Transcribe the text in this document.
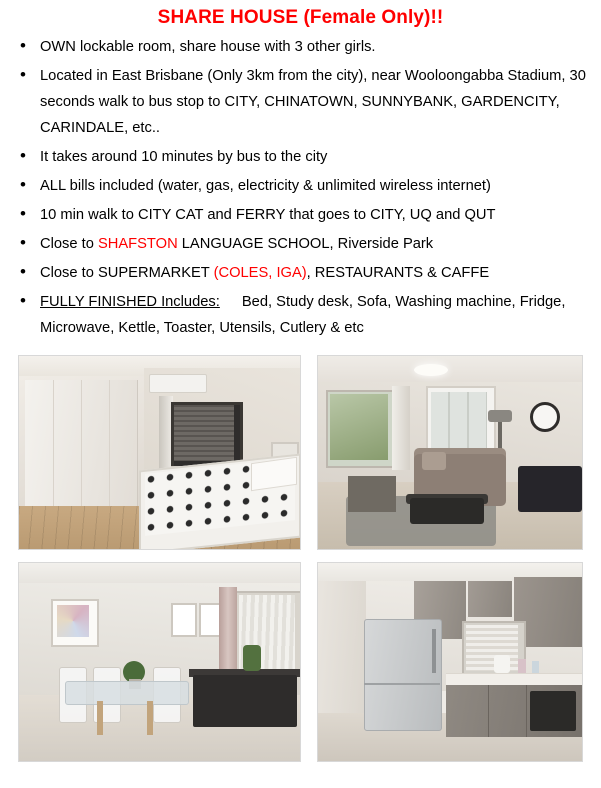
SHARE HOUSE (Female Only)!!
• OWN lockable room, share house with 3 other girls.
• Located in East Brisbane (Only 3km from the city), near Wooloongabba Stadium, 30 seconds walk to bus stop to CITY, CHINATOWN, SUNNYBANK, GARDENCITY, CARINDALE, etc..
• It takes around 10 minutes by bus to the city
• ALL bills included (water, gas, electricity & unlimited wireless internet)
• 10 min walk to CITY CAT and FERRY that goes to CITY, UQ and QUT
• Close to SHAFSTON LANGUAGE SCHOOL, Riverside Park
• Close to SUPERMARKET (COLES, IGA), RESTAURANTS & CAFFE
• FULLY FINISHED Includes: Bed, Study desk, Sofa, Washing machine, Fridge, Microwave, Kettle, Toaster, Utensils, Cutlery & etc
